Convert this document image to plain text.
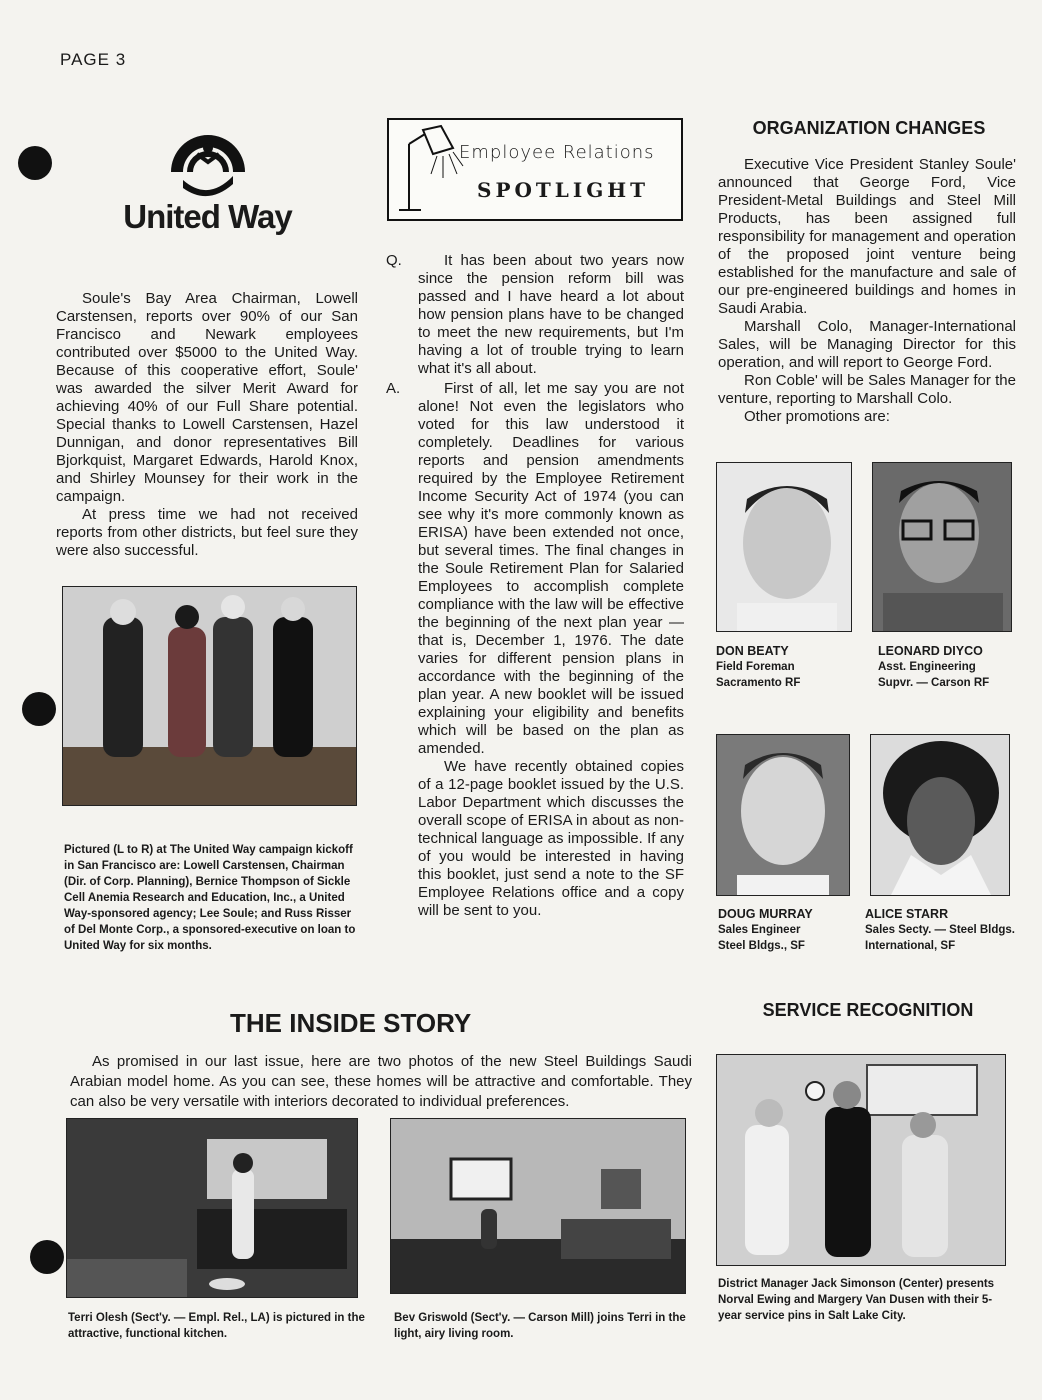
PAGE 3
United Way

Soule's Bay Area Chairman, Lowell Carstensen, reports over 90% of our San Francisco and Newark employees contributed over $5000 to the United Way. Because of this cooperative effort, Soule' was awarded the silver Merit Award for achieving 40% of our Full Share potential. Special thanks to Lowell Carstensen, Hazel Dunnigan, and donor representatives Bill Bjorkquist, Margaret Edwards, Harold Knox, and Shirley Mounsey for their work in the campaign.

At press time we had not received reports from other districts, but feel sure they were also successful.

Pictured (L to R) at The United Way campaign kickoff in San Francisco are: Lowell Carstensen, Chairman (Dir. of Corp. Planning), Bernice Thompson of Sickle Cell Anemia Research and Education, Inc., a United Way-sponsored agency; Lee Soule; and Russ Risser of Del Monte Corp., a sponsored-executive on loan to United Way for six months.
Employee Relations
SPOTLIGHT
Q.	It has been about two years now since the pension reform bill was passed and I have heard a lot about how pension plans have to be changed to meet the new requirements, but I'm having a lot of trouble trying to learn what it's all about.

A.	First of all, let me say you are not alone! Not even the legislators who voted for this law understood it completely. Deadlines for various reports and pension amendments required by the Employee Retirement Income Security Act of 1974 (you can see why it's more commonly known as ERISA) have been extended not once, but several times. The final changes in the Soule Retirement Plan for Salaried Employees to accomplish complete compliance with the law will be effective the beginning of the next plan year — that is, December 1, 1976. The date varies for different pension plans in accordance with the beginning of the plan year. A new booklet will be issued explaining your eligibility and benefits which will be based on the plan as amended.

We have recently obtained copies of a 12-page booklet issued by the U.S. Labor Department which discusses the overall scope of ERISA in about as non-technical language as impossible. If any of you would be interested in having this booklet, just send a note to the SF Employee Relations office and a copy will be sent to you.

ORGANIZATION CHANGES

Executive Vice President Stanley Soule' announced that George Ford, Vice President-Metal Buildings and Steel Mill Products, has been assigned full responsibility for management and operation of the proposed joint venture being established for the manufacture and sale of our pre-engineered buildings and homes in Saudi Arabia.

Marshall Colo, Manager-International Sales, will be Managing Director for this operation, and will report to George Ford.

Ron Coble' will be Sales Manager for the venture, reporting to Marshall Colo.

Other promotions are:

DON BEATY
Field Foreman
Sacramento RF
LEONARD DIYCO
Asst. Engineering
Supvr. — Carson RF
DOUG MURRAY
Sales Engineer
Steel Bldgs., SF
ALICE STARR
Sales Secty. — Steel Bldgs.
International, SF
THE INSIDE STORY
As promised in our last issue, here are two photos of the new Steel Buildings Saudi Arabian model home. As you can see, these homes will be attractive and comfortable. They can also be very versatile with interiors decorated to individual preferences.
Terri Olesh (Sect'y. — Empl. Rel., LA) is pictured in the attractive, functional kitchen.
Bev Griswold (Sect'y. — Carson Mill) joins Terri in the light, airy living room.
SERVICE RECOGNITION
District Manager Jack Simonson (Center) presents Norval Ewing and Margery Van Dusen with their 5-year service pins in Salt Lake City.
